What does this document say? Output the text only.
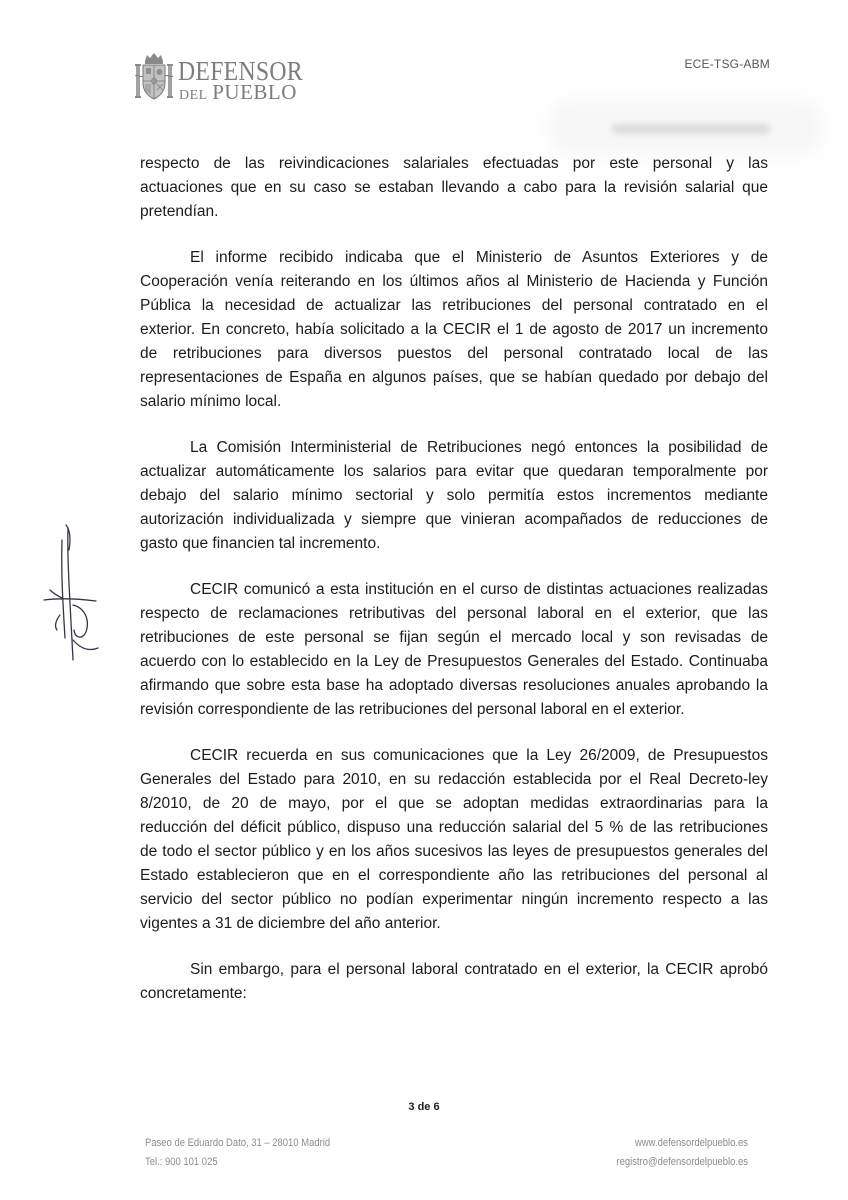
DEFENSOR
DEL PUEBLO
ECE-TSG-ABM
respecto de las reivindicaciones salariales efectuadas por este personal y las
actuaciones que en su caso se estaban llevando a cabo para la revisión salarial que
pretendían.
El informe recibido indicaba que el Ministerio de Asuntos Exteriores y de
Cooperación venía reiterando en los últimos años al Ministerio de Hacienda y Función
Pública la necesidad de actualizar las retribuciones del personal contratado en el
exterior. En concreto, había solicitado a la CECIR el 1 de agosto de 2017 un incremento
de retribuciones para diversos puestos del personal contratado local de las
representaciones de España en algunos países, que se habían quedado por debajo del
salario mínimo local.
La Comisión Interministerial de Retribuciones negó entonces la posibilidad de
actualizar automáticamente los salarios para evitar que quedaran temporalmente por
debajo del salario mínimo sectorial y solo permitía estos incrementos mediante
autorización individualizada y siempre que vinieran acompañados de reducciones de
gasto que financien tal incremento.
CECIR comunicó a esta institución en el curso de distintas actuaciones realizadas
respecto de reclamaciones retributivas del personal laboral en el exterior, que las
retribuciones de este personal se fijan según el mercado local y son revisadas de
acuerdo con lo establecido en la Ley de Presupuestos Generales del Estado. Continuaba
afirmando que sobre esta base ha adoptado diversas resoluciones anuales aprobando la
revisión correspondiente de las retribuciones del personal laboral en el exterior.
CECIR recuerda en sus comunicaciones que la Ley 26/2009, de Presupuestos
Generales del Estado para 2010, en su redacción establecida por el Real Decreto-ley
8/2010, de 20 de mayo, por el que se adoptan medidas extraordinarias para la
reducción del déficit público, dispuso una reducción salarial del 5 % de las retribuciones
de todo el sector público y en los años sucesivos las leyes de presupuestos generales del
Estado establecieron que en el correspondiente año las retribuciones del personal al
servicio del sector público no podían experimentar ningún incremento respecto a las
vigentes a 31 de diciembre del año anterior.
Sin embargo, para el personal laboral contratado en el exterior, la CECIR aprobó
concretamente:
3 de 6
Paseo de Eduardo Dato, 31 – 28010 Madrid
Tel.: 900 101 025
www.defensordelpueblo.es
registro@defensordelpueblo.es
